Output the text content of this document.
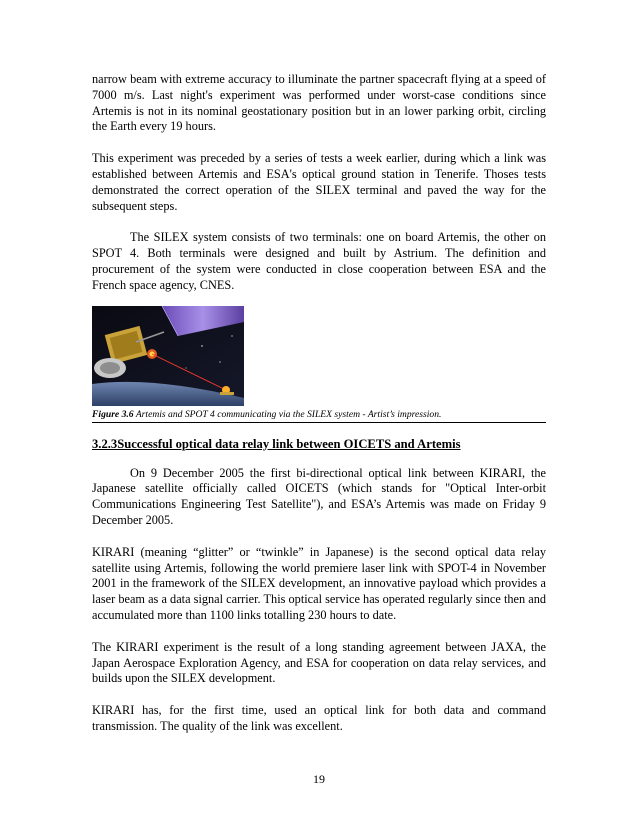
narrow beam with extreme accuracy to illuminate the partner spacecraft flying at a speed of 7000 m/s. Last night's experiment was performed under worst-case conditions since Artemis is not in its nominal geostationary position but in an lower parking orbit, circling the Earth every 19 hours.

This experiment was preceded by a series of tests a week earlier, during which a link was established between Artemis and ESA's optical ground station in Tenerife. Thoses tests demonstrated the correct operation of the SILEX terminal and paved the way for the subsequent steps.

The SILEX system consists of two terminals: one on board Artemis, the other on SPOT 4. Both terminals were designed and built by Astrium. The definition and procurement of the system were conducted in close cooperation between ESA and the French space agency, CNES.

Figure 3.6 Artemis and SPOT 4 communicating via the SILEX system - Artist’s impression.
3.2.3Successful optical data relay link between OICETS and Artemis

On 9 December 2005 the first bi-directional optical link between KIRARI, the Japanese satellite officially called OICETS (which stands for "Optical Inter-orbit Communications Engineering Test Satellite"), and ESA’s Artemis was made on Friday 9 December 2005.

KIRARI (meaning “glitter” or “twinkle” in Japanese) is the second optical data relay satellite using Artemis, following the world premiere laser link with SPOT-4 in November 2001 in the framework of the SILEX development, an innovative payload which provides a laser beam as a data signal carrier. This optical service has operated regularly since then and accumulated more than 1100 links totalling 230 hours to date.

The KIRARI experiment is the result of a long standing agreement between JAXA, the Japan Aerospace Exploration Agency, and ESA for cooperation on data relay services, and builds upon the SILEX development.

KIRARI has, for the first time, used an optical link for both data and command transmission. The quality of the link was excellent.

19
